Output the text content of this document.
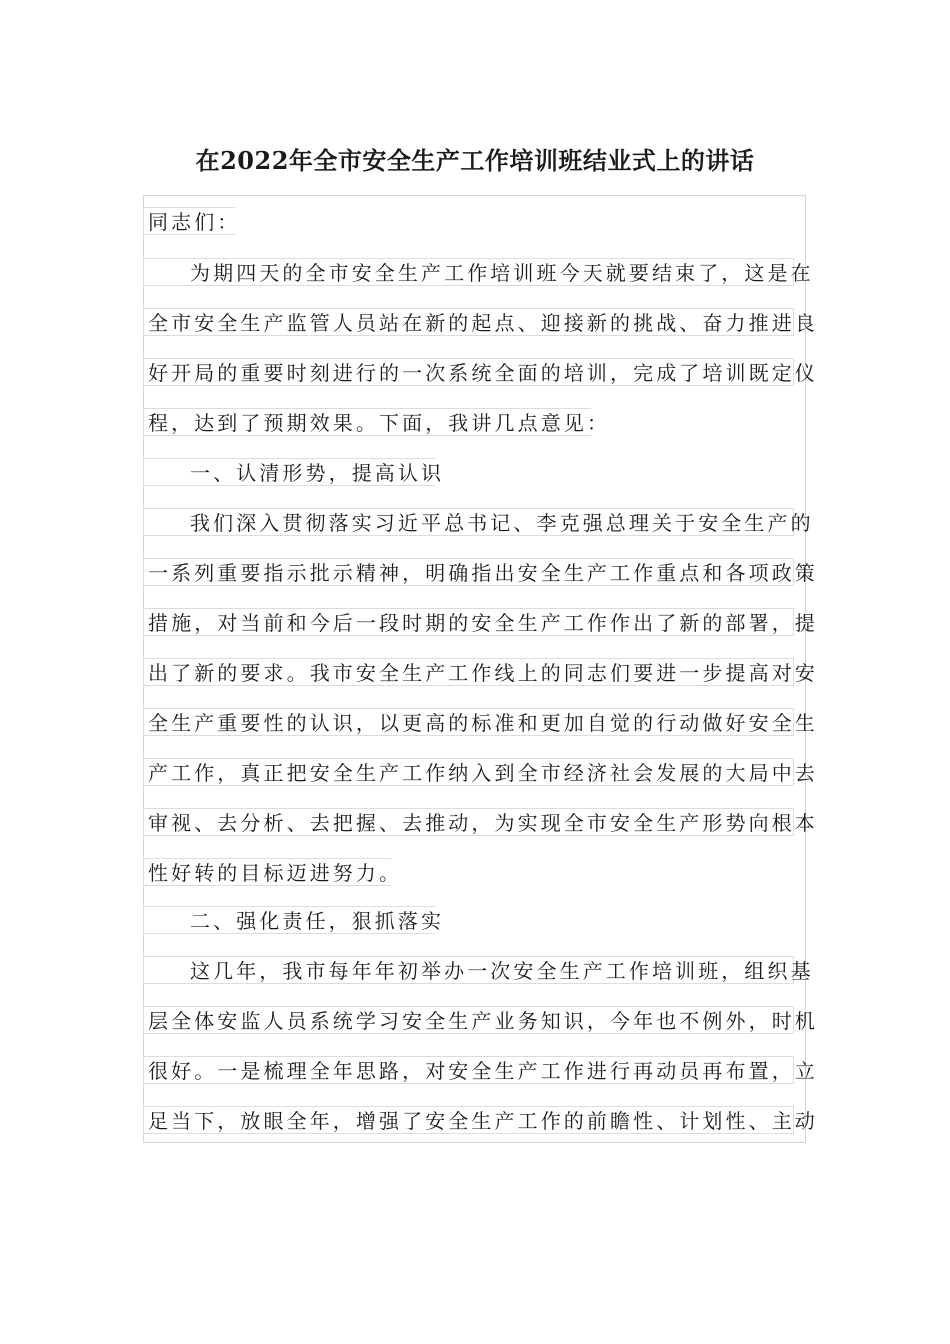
在2022年全市安全生产工作培训班结业式上的讲话
同志们：
为期四天的全市安全生产工作培训班今天就要结束了，这是在
全市安全生产监管人员站在新的起点、迎接新的挑战、奋力推进良
好开局的重要时刻进行的一次系统全面的培训，完成了培训既定仪
程，达到了预期效果。下面，我讲几点意见：
一、认清形势，提高认识
我们深入贯彻落实习近平总书记、李克强总理关于安全生产的
一系列重要指示批示精神，明确指出安全生产工作重点和各项政策
措施，对当前和今后一段时期的安全生产工作作出了新的部署，提
出了新的要求。我市安全生产工作线上的同志们要进一步提高对安
全生产重要性的认识，以更高的标准和更加自觉的行动做好安全生
产工作，真正把安全生产工作纳入到全市经济社会发展的大局中去
审视、去分析、去把握、去推动，为实现全市安全生产形势向根本
性好转的目标迈进努力。
二、强化责任，狠抓落实
这几年，我市每年年初举办一次安全生产工作培训班，组织基
层全体安监人员系统学习安全生产业务知识，今年也不例外，时机
很好。一是梳理全年思路，对安全生产工作进行再动员再布置，立
足当下，放眼全年，增强了安全生产工作的前瞻性、计划性、主动
